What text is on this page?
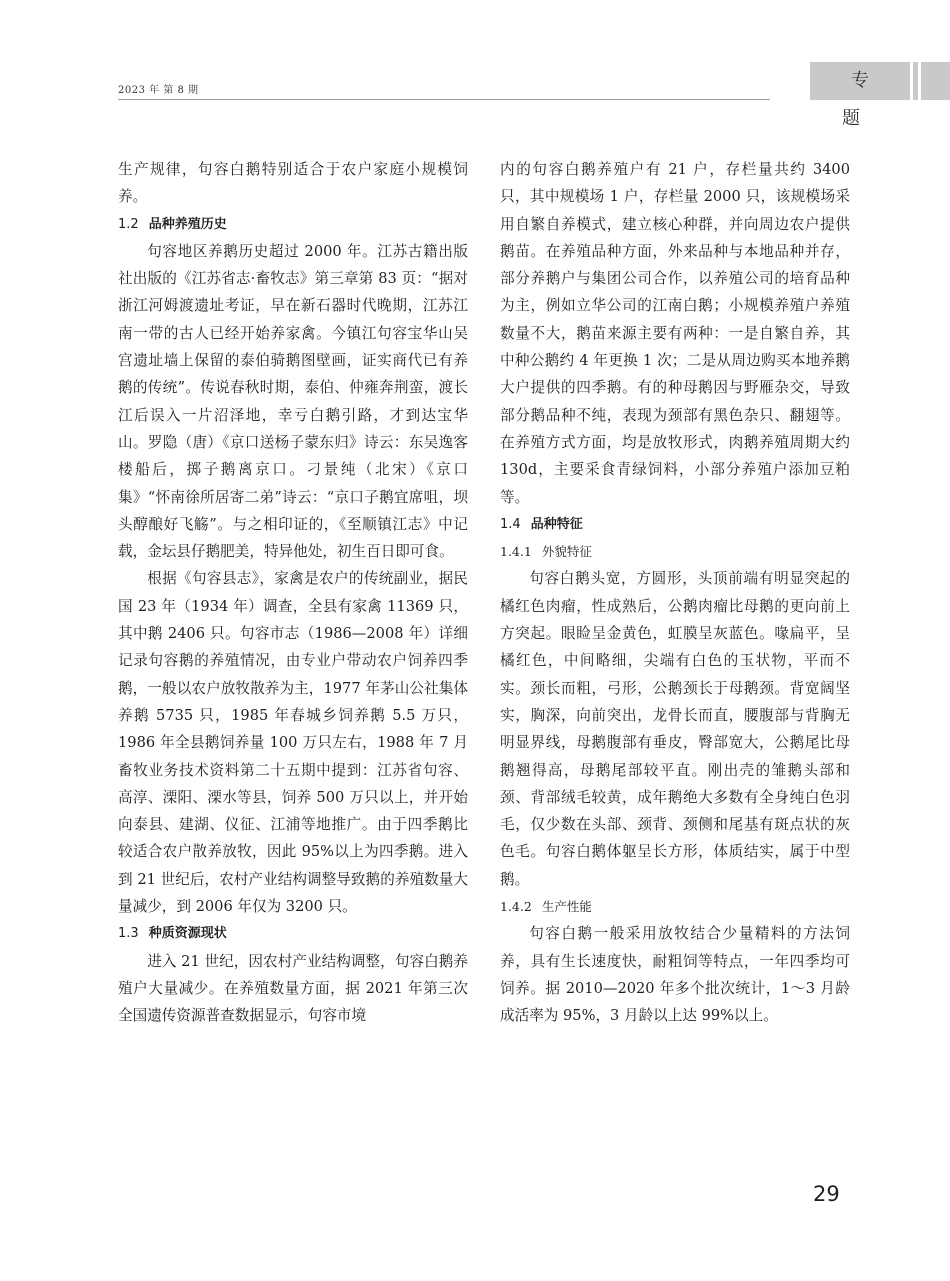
2023 年 第 8 期	专 题

生产规律，句容白鹅特别适合于农户家庭小规模饲养。

1.2 品种养殖历史

句容地区养鹅历史超过 2000 年。江苏古籍出版社出版的《江苏省志·畜牧志》第三章第 83 页：“据对浙江河姆渡遗址考证，早在新石器时代晚期，江苏江南一带的古人已经开始养家禽。今镇江句容宝华山吴宫遗址墙上保留的泰伯骑鹅图壁画，证实商代已有养鹅的传统”。传说春秋时期，泰伯、仲雍奔荆蛮，渡长江后误入一片沼泽地，幸亏白鹅引路，才到达宝华山。罗隐（唐）《京口送杨子蒙东归》诗云：东吴逸客楼船后，掷子鹅离京口。刁景纯（北宋）《京口集》“怀南徐所居寄二弟”诗云：“京口子鹅宜席咀，坝头醇酿好飞觞”。与之相印证的，《至顺镇江志》中记载，金坛县仔鹅肥美，特异他处，初生百日即可食。

根据《句容县志》，家禽是农户的传统副业，据民国 23 年（1934 年）调查，全县有家禽 11369 只，其中鹅 2406 只。句容市志（1986—2008 年）详细记录句容鹅的养殖情况，由专业户带动农户饲养四季鹅，一般以农户放牧散养为主，1977 年茅山公社集体养鹅 5735 只，1985 年春城乡饲养鹅 5.5 万只，1986 年全县鹅饲养量 100 万只左右，1988 年 7 月畜牧业务技术资料第二十五期中提到：江苏省句容、高淳、溧阳、溧水等县，饲养 500 万只以上，并开始向泰县、建湖、仪征、江浦等地推广。由于四季鹅比较适合农户散养放牧，因此 95%以上为四季鹅。进入到 21 世纪后，农村产业结构调整导致鹅的养殖数量大量减少，到 2006 年仅为 3200 只。

1.3 种质资源现状

进入 21 世纪，因农村产业结构调整，句容白鹅养殖户大量减少。在养殖数量方面，据 2021 年第三次全国遗传资源普查数据显示，句容市境

内的句容白鹅养殖户有 21 户，存栏量共约 3400 只，其中规模场 1 户，存栏量 2000 只，该规模场采用自繁自养模式，建立核心种群，并向周边农户提供鹅苗。在养殖品种方面，外来品种与本地品种并存，部分养鹅户与集团公司合作，以养殖公司的培育品种为主，例如立华公司的江南白鹅；小规模养殖户养殖数量不大，鹅苗来源主要有两种：一是自繁自养，其中种公鹅约 4 年更换 1 次；二是从周边购买本地养鹅大户提供的四季鹅。有的种母鹅因与野雁杂交，导致部分鹅品种不纯，表现为颈部有黑色杂只、翻翅等。在养殖方式方面，均是放牧形式，肉鹅养殖周期大约 130d，主要采食青绿饲料，小部分养殖户添加豆粕等。

1.4 品种特征

1.4.1 外貌特征

句容白鹅头宽，方圆形，头顶前端有明显突起的橘红色肉瘤，性成熟后，公鹅肉瘤比母鹅的更向前上方突起。眼睑呈金黄色，虹膜呈灰蓝色。喙扁平，呈橘红色，中间略细，尖端有白色的玉状物，平而不实。颈长而粗，弓形，公鹅颈长于母鹅颈。背宽阔坚实，胸深，向前突出，龙骨长而直，腰腹部与背胸无明显界线，母鹅腹部有垂皮，臀部宽大，公鹅尾比母鹅翘得高，母鹅尾部较平直。刚出壳的雏鹅头部和颈、背部绒毛较黄，成年鹅绝大多数有全身纯白色羽毛，仅少数在头部、颈背、颈侧和尾基有斑点状的灰色毛。句容白鹅体躯呈长方形，体质结实，属于中型鹅。

1.4.2 生产性能

句容白鹅一般采用放牧结合少量精料的方法饲养，具有生长速度快，耐粗饲等特点，一年四季均可饲养。据 2010—2020 年多个批次统计，1～3 月龄成活率为 95%，3 月龄以上达 99%以上。

29
